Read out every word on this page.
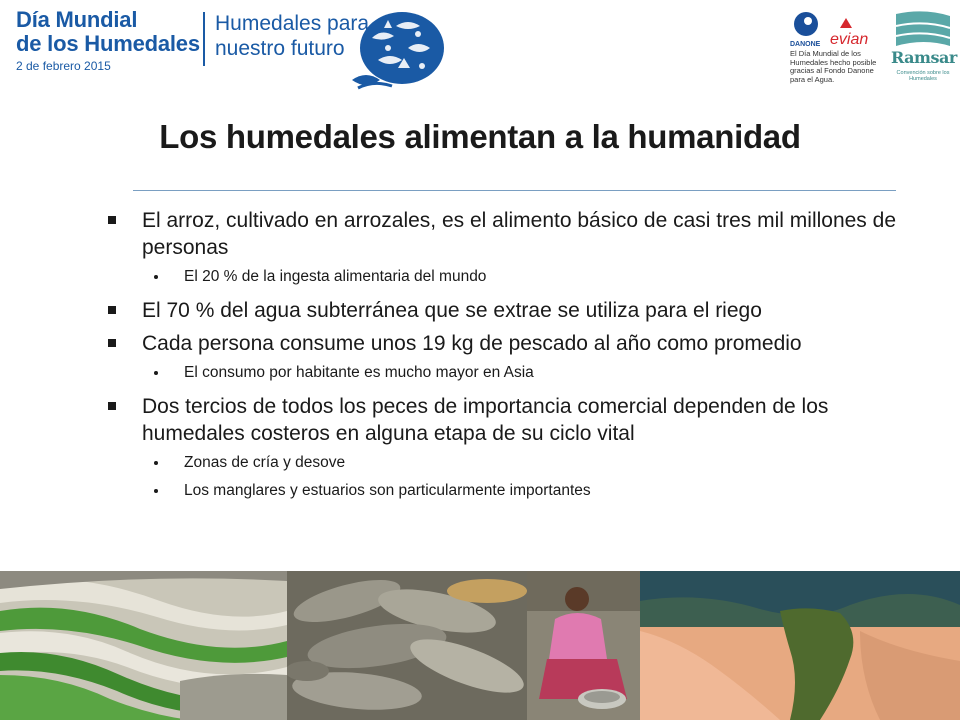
Día Mundial
de los Humedales
2 de febrero 2015
Humedales para
nuestro futuro	DANONE evian
El Día Mundial de los Humedales hecho posible gracias al Fondo Danone para el Agua.
Ramsar
Convención sobre los Humedales
Los humedales alimentan a la humanidad
El arroz, cultivado en arrozales, es el alimento básico de casi tres mil millones de personas
El 20 % de la ingesta alimentaria del mundo
El 70 % del agua subterránea que se extrae se utiliza para el riego
Cada persona consume unos 19 kg de pescado al año como promedio
El consumo por habitante es mucho mayor en Asia
Dos tercios de todos los peces de importancia comercial dependen de los humedales costeros en alguna etapa de su ciclo vital
Zonas de cría y desove
Los manglares y estuarios son particularmente importantes
